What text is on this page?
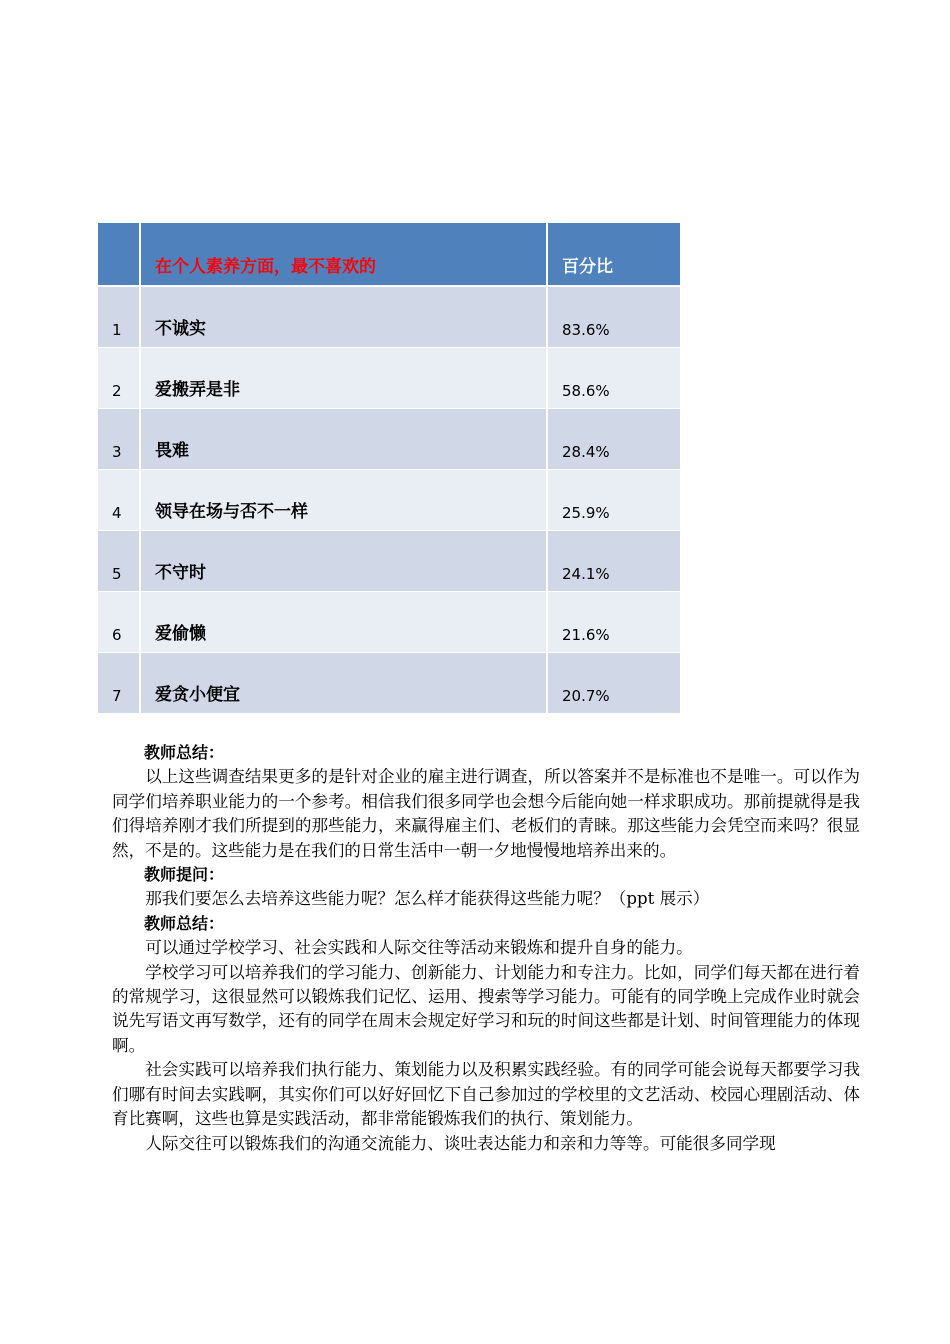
	在个人素养方面，最不喜欢的	百分比
1	不诚实	83.6%
2	爱搬弄是非	58.6%
3	畏难	28.4%
4	领导在场与否不一样	25.9%
5	不守时	24.1%
6	爱偷懒	21.6%
7	爱贪小便宜	20.7%

教师总结：

以上这些调查结果更多的是针对企业的雇主进行调查，所以答案并不是标准也不是唯一。可以作为同学们培养职业能力的一个参考。相信我们很多同学也会想今后能向她一样求职成功。那前提就得是我们得培养刚才我们所提到的那些能力，来赢得雇主们、老板们的青睐。那这些能力会凭空而来吗？很显然，不是的。这些能力是在我们的日常生活中一朝一夕地慢慢地培养出来的。

教师提问：

那我们要怎么去培养这些能力呢？怎么样才能获得这些能力呢？（ppt 展示）

教师总结：

可以通过学校学习、社会实践和人际交往等活动来锻炼和提升自身的能力。

学校学习可以培养我们的学习能力、创新能力、计划能力和专注力。比如，同学们每天都在进行着的常规学习，这很显然可以锻炼我们记忆、运用、搜索等学习能力。可能有的同学晚上完成作业时就会说先写语文再写数学，还有的同学在周末会规定好学习和玩的时间这些都是计划、时间管理能力的体现啊。

社会实践可以培养我们执行能力、策划能力以及积累实践经验。有的同学可能会说每天都要学习我们哪有时间去实践啊，其实你们可以好好回忆下自己参加过的学校里的文艺活动、校园心理剧活动、体育比赛啊，这些也算是实践活动，都非常能锻炼我们的执行、策划能力。

人际交往可以锻炼我们的沟通交流能力、谈吐表达能力和亲和力等等。可能很多同学现
